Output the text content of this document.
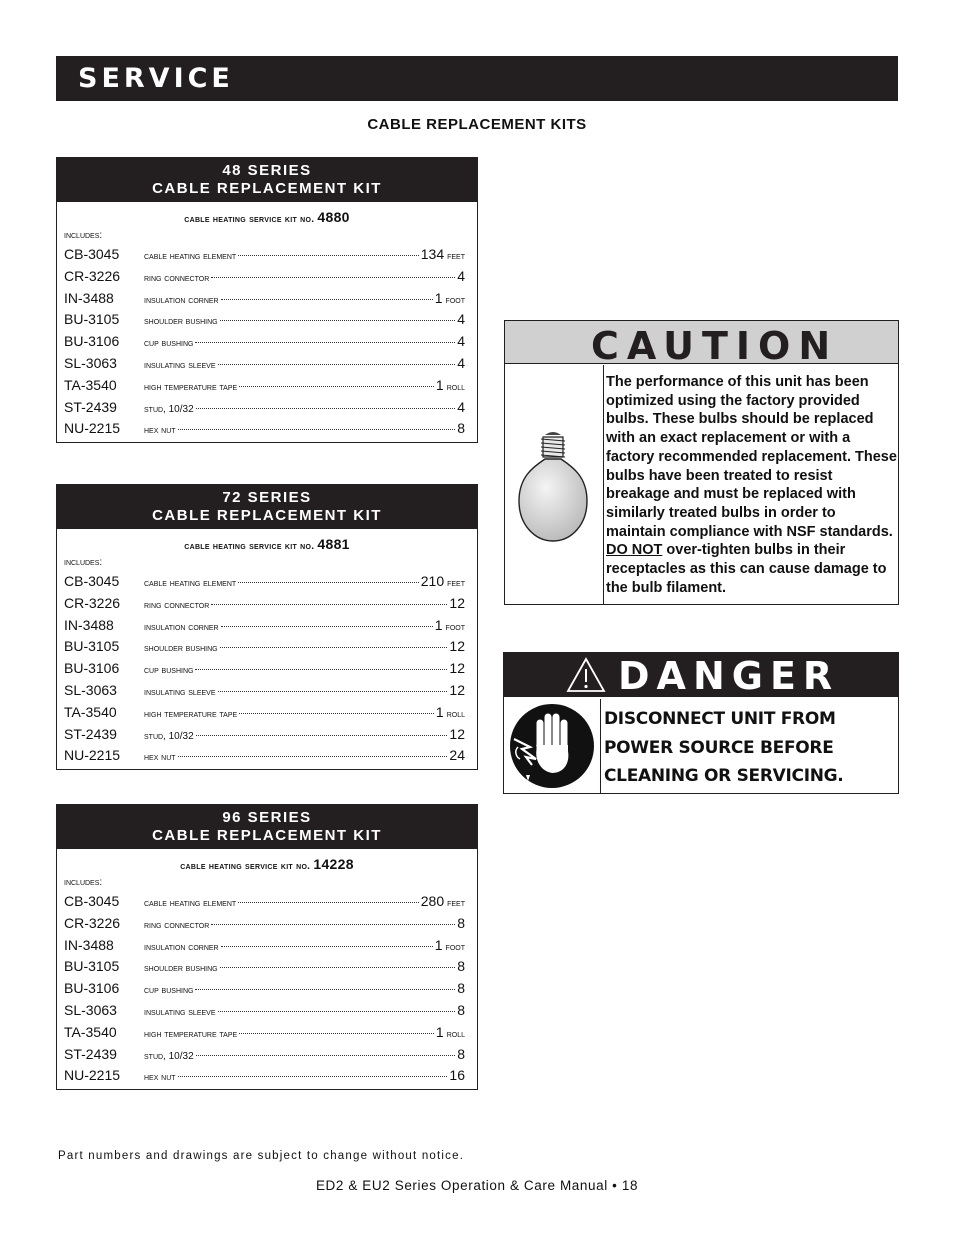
SERVICE
CABLE REPLACEMENT KITS
48 SERIES
CABLE REPLACEMENT KIT
cable heating service kit no. 4880
includes:
CB-3045	cable heating element	134 feet
CR-3226	ring connector	4
IN-3488	insulation corner	1 foot
BU-3105	shoulder bushing	4
BU-3106	cup bushing	4
SL-3063	insulating sleeve	4
TA-3540	high temperature tape	1 roll
ST-2439	stud, 10/32	4
NU-2215	hex nut	8
72 SERIES
CABLE REPLACEMENT KIT
cable heating service kit no. 4881
includes:
CB-3045	cable heating element	210 feet
CR-3226	ring connector	12
IN-3488	insulation corner	1 foot
BU-3105	shoulder bushing	12
BU-3106	cup bushing	12
SL-3063	insulating sleeve	12
TA-3540	high temperature tape	1 roll
ST-2439	stud, 10/32	12
NU-2215	hex nut	24
96 SERIES
CABLE REPLACEMENT KIT
cable heating service kit no. 14228
includes:
CB-3045	cable heating element	280 feet
CR-3226	ring connector	8
IN-3488	insulation corner	1 foot
BU-3105	shoulder bushing	8
BU-3106	cup bushing	8
SL-3063	insulating sleeve	8
TA-3540	high temperature tape	1 roll
ST-2439	stud, 10/32	8
NU-2215	hex nut	16
CAUTION
The performance of this unit has been optimized using the factory provided bulbs. These bulbs should be replaced with an exact replacement or with a factory recommended replacement. These bulbs have been treated to resist breakage and must be replaced with similarly treated bulbs in order to maintain compliance with NSF standards. DO NOT over-tighten bulbs in their receptacles as this can cause damage to the bulb filament.
DANGER
DISCONNECT UNIT FROM
POWER SOURCE BEFORE
CLEANING OR SERVICING.
Part numbers and drawings are subject to change without notice.
ED2 & EU2 Series Operation & Care Manual • 18
